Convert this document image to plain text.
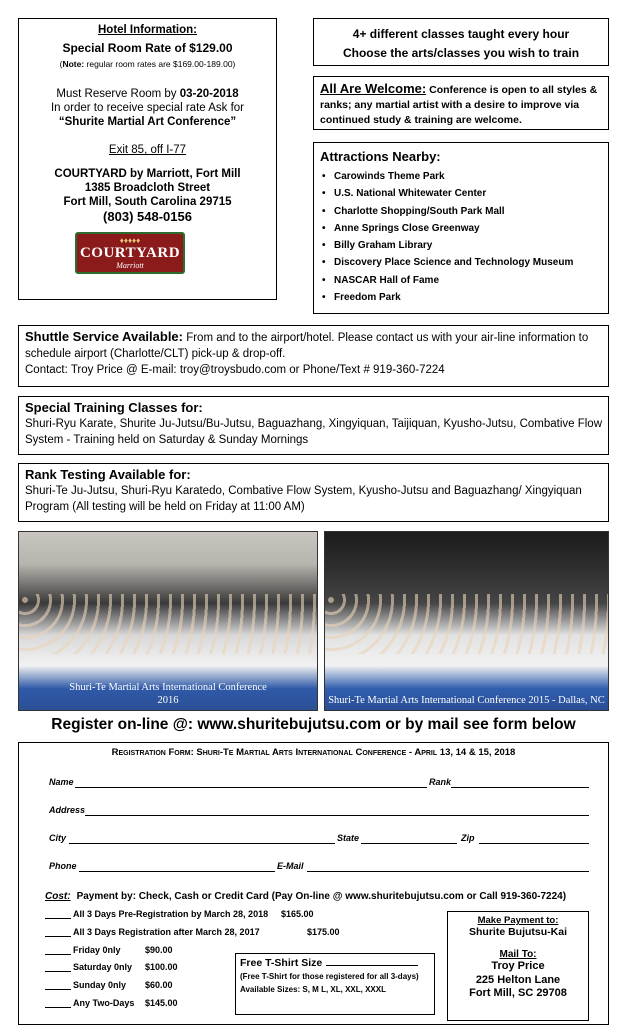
Hotel Information:
Special Room Rate of $129.00
(Note: regular room rates are $169.00-189.00)
Must Reserve Room by 03-20-2018
In order to receive special rate Ask for
“Shurite Martial Art Conference”
Exit 85, off I-77
COURTYARD by Marriott, Fort Mill
1385 Broadcloth Street
Fort Mill, South Carolina 29715
(803) 548-0156
♦♦♦♦♦
COURTYARD
Marriott
4+ different classes taught every hour
Choose the arts/classes you wish to train
All Are Welcome: Conference is open to all styles & ranks; any martial artist with a desire to improve via continued study & training are welcome.
Attractions Nearby:
• Carowinds Theme Park
• U.S. National Whitewater Center
• Charlotte Shopping/South Park Mall
• Anne Springs Close Greenway
• Billy Graham Library
• Discovery Place Science and Technology Museum
• NASCAR Hall of Fame
• Freedom Park
Shuttle Service Available: From and to the airport/hotel. Please contact us with your air-line information to schedule airport (Charlotte/CLT) pick-up & drop-off.
Contact: Troy Price @ E-mail: troy@troysbudo.com or Phone/Text # 919-360-7224
Special Training Classes for:
Shuri-Ryu Karate, Shurite Ju-Jutsu/Bu-Jutsu, Baguazhang, Xingyiquan, Taijiquan, Kyusho-Jutsu, Combative Flow System - Training held on Saturday & Sunday Mornings
Rank Testing Available for:
Shuri-Te Ju-Jutsu, Shuri-Ryu Karatedo, Combative Flow System, Kyusho-Jutsu and Baguazhang/ Xingyiquan Program (All testing will be held on Friday at 11:00 AM)
Shuri-Te Martial Arts International Conference
2016	Shuri-Te Martial Arts International Conference 2015 - Dallas, NC
Register on-line @: www.shuritebujutsu.com or by mail see form below
Registration Form: Shuri-Te Martial Arts International Conference - April 13, 14 & 15, 2018
Name	Rank
Address
City	State	Zip
Phone	E-Mail
Cost: Payment by: Check, Cash or Credit Card (Pay On-line @ www.shuritebujutsu.com or Call 919-360-7224)
All 3 Days Pre-Registration by March 28, 2018 $165.00
All 3 Days Registration after March 28, 2017	$175.00
Friday 0nly	$90.00
Saturday 0nly $100.00
Sunday 0nly $60.00
Any Two-Days $145.00
Free T-Shirt Size
(Free T-Shirt for those registered for all 3-days)
Available Sizes: S, M L, XL, XXL, XXXL
Make Payment to:
Shurite Bujutsu-Kai
Mail To:
Troy Price
225 Helton Lane
Fort Mill, SC 29708
